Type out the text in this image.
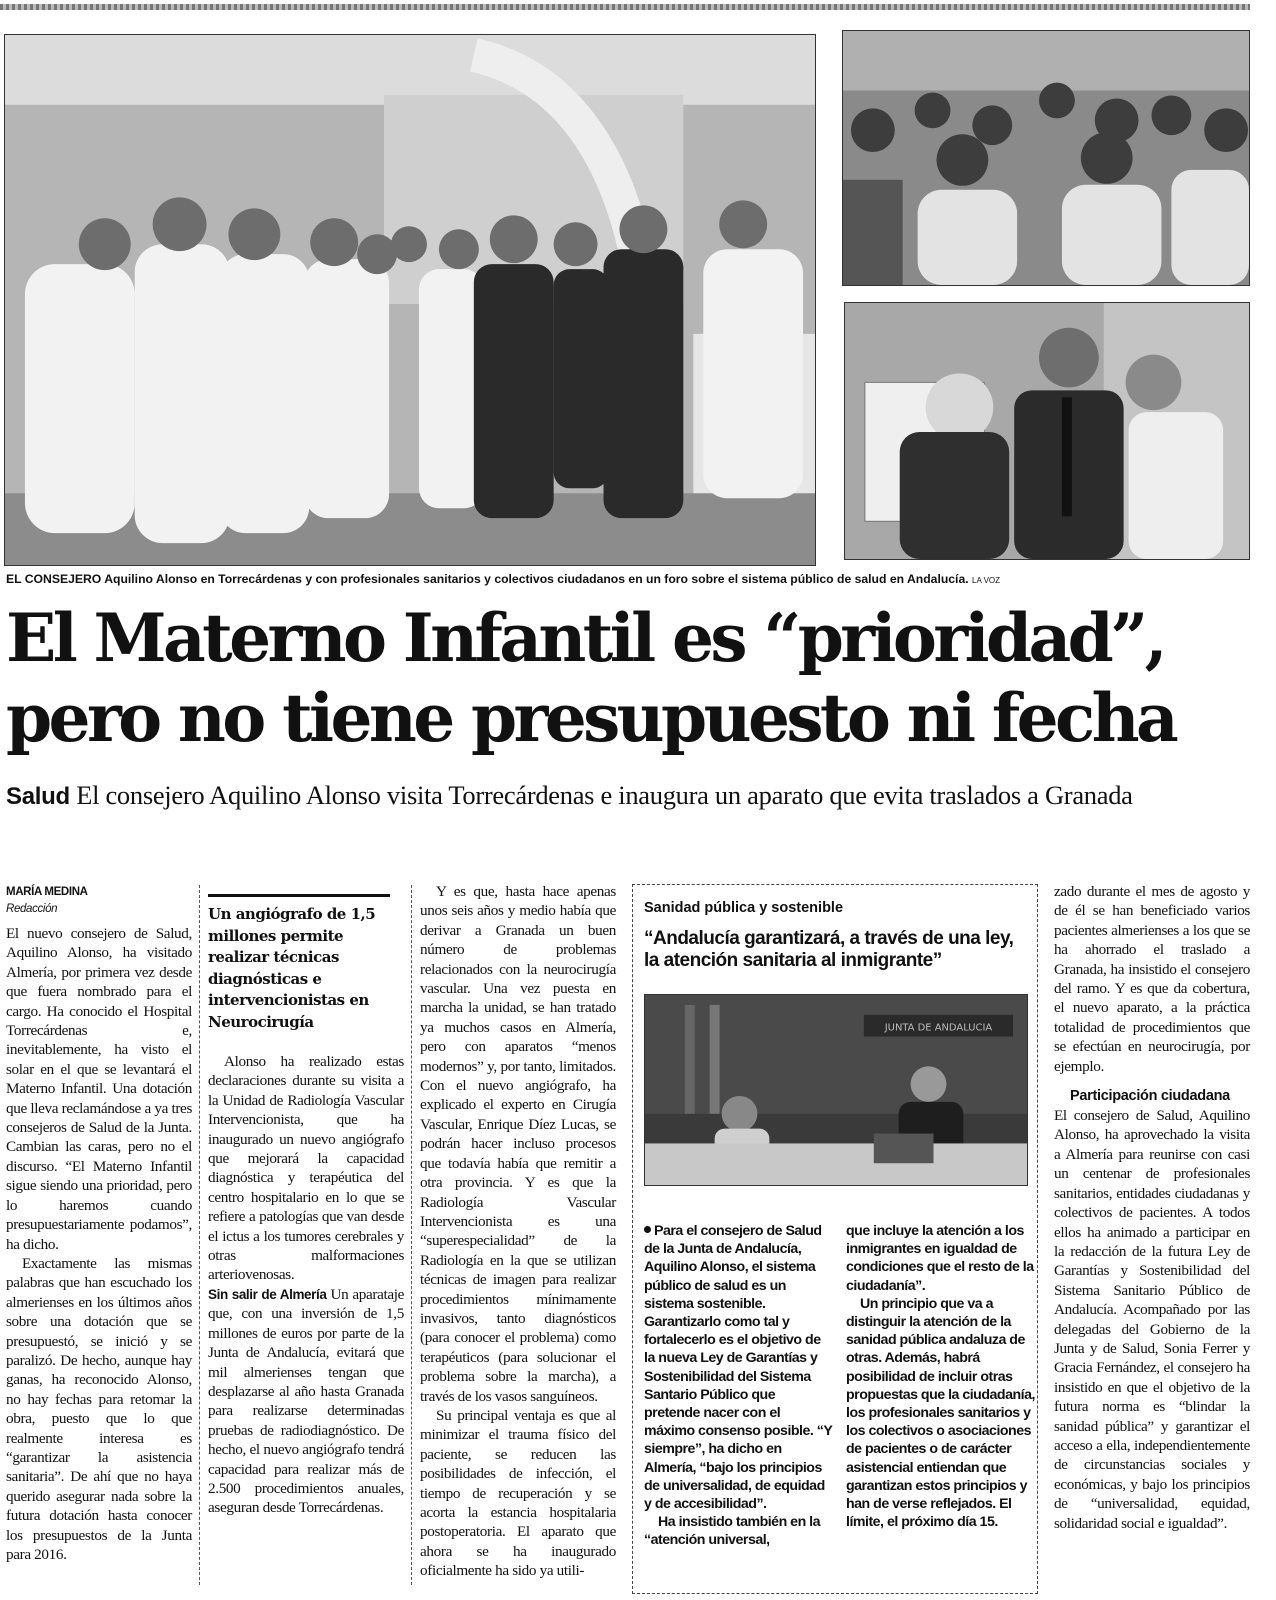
EL CONSEJERO Aquilino Alonso en Torrecárdenas y con profesionales sanitarios y colectivos ciudadanos en un foro sobre el sistema público de salud en Andalucía. LA VOZ
El Materno Infantil es “prioridad”,
pero no tiene presupuesto ni fecha
Salud El consejero Aquilino Alonso visita Torrecárdenas e inaugura un aparato que evita traslados a Granada
MARÍA MEDINA
Redacción

El nuevo consejero de Salud, Aquilino Alonso, ha visitado Almería, por primera vez desde que fuera nombrado para el cargo. Ha conocido el Hospital Torrecárdenas e, inevitablemente, ha visto el solar en el que se levantará el Materno Infantil. Una dotación que lleva reclamándose a ya tres consejeros de Salud de la Junta. Cambian las caras, pero no el discurso. “El Materno Infantil sigue siendo una prioridad, pero lo haremos cuando presupuestariamente podamos”, ha dicho.

Exactamente las mismas palabras que han escuchado los almerienses en los últimos años sobre una dotación que se presupuestó, se inició y se paralizó. De hecho, aunque hay ganas, ha reconocido Alonso, no hay fechas para retomar la obra, puesto que lo que realmente interesa es “garantizar la asistencia sanitaria”. De ahí que no haya querido asegurar nada sobre la futura dotación hasta conocer los presupuestos de la Junta para 2016.

Un angiógrafo de 1,5 millones permite realizar técnicas diagnósticas e intervencionistas en Neurocirugía

Alonso ha realizado estas declaraciones durante su visita a la Unidad de Radiología Vascular Intervencionista, que ha inaugurado un nuevo angiógrafo que mejorará la capacidad diagnóstica y terapéutica del centro hospitalario en lo que se refiere a patologías que van desde el ictus a los tumores cerebrales y otras malformaciones arteriovenosas.

Sin salir de Almería Un aparataje que, con una inversión de 1,5 millones de euros por parte de la Junta de Andalucía, evitará que mil almerienses tengan que desplazarse al año hasta Granada para realizarse determinadas pruebas de radiodiagnóstico. De hecho, el nuevo angiógrafo tendrá capacidad para realizar más de 2.500 procedimientos anuales, aseguran desde Torrecárdenas.

Y es que, hasta hace apenas unos seis años y medio había que derivar a Granada un buen número de problemas relacionados con la neurocirugía vascular. Una vez puesta en marcha la unidad, se han tratado ya muchos casos en Almería, pero con aparatos “menos modernos” y, por tanto, limitados. Con el nuevo angiógrafo, ha explicado el experto en Cirugía Vascular, Enrique Díez Lucas, se podrán hacer incluso procesos que todavía había que remitir a otra provincia. Y es que la Radiología Vascular Intervencionista es una “superespecialidad” de la Radiología en la que se utilizan técnicas de imagen para realizar procedimientos mínimamente invasivos, tanto diagnósticos (para conocer el problema) como terapéuticos (para solucionar el problema sobre la marcha), a través de los vasos sanguíneos.

Su principal ventaja es que al minimizar el trauma físico del paciente, se reducen las posibilidades de infección, el tiempo de recuperación y se acorta la estancia hospitalaria postoperatoria. El aparato que ahora se ha inaugurado oficialmente ha sido ya utili-

Sanidad pública y sostenible
“Andalucía garantizará, a través de una ley, la atención sanitaria al inmigrante”
JUNTA DE ANDALUCIA

Para el consejero de Salud de la Junta de Andalucía, Aquilino Alonso, el sistema público de salud es un sistema sostenible. Garantizarlo como tal y fortalecerlo es el objetivo de la nueva Ley de Garantías y Sostenibilidad del Sistema Santario Público que pretende nacer con el máximo consenso posible. “Y siempre”, ha dicho en Almería, “bajo los principios de universalidad, de equidad y de accesibilidad”.

Ha insistido también en la “atención universal,

que incluye la atención a los inmigrantes en igualdad de condiciones que el resto de la ciudadanía”.

Un principio que va a distinguir la atención de la sanidad pública andaluza de otras. Además, habrá posibilidad de incluir otras propuestas que la ciudadanía, los profesionales sanitarios y los colectivos o asociaciones de pacientes o de carácter asistencial entiendan que garantizan estos principios y han de verse reflejados. El límite, el próximo día 15.

zado durante el mes de agosto y de él se han beneficiado varios pacientes almerienses a los que se ha ahorrado el traslado a Granada, ha insistido el consejero del ramo. Y es que da cobertura, el nuevo aparato, a la práctica totalidad de procedimientos que se efectúan en neurocirugía, por ejemplo.

Participación ciudadana

El consejero de Salud, Aquilino Alonso, ha aprovechado la visita a Almería para reunirse con casi un centenar de profesionales sanitarios, entidades ciudadanas y colectivos de pacientes. A todos ellos ha animado a participar en la redacción de la futura Ley de Garantías y Sostenibilidad del Sistema Sanitario Público de Andalucía. Acompañado por las delegadas del Gobierno de la Junta y de Salud, Sonia Ferrer y Gracia Fernández, el consejero ha insistido en que el objetivo de la futura norma es “blindar la sanidad pública” y garantizar el acceso a ella, independientemente de circunstancias sociales y económicas, y bajo los principios de “universalidad, equidad, solidaridad social e igualdad”.
